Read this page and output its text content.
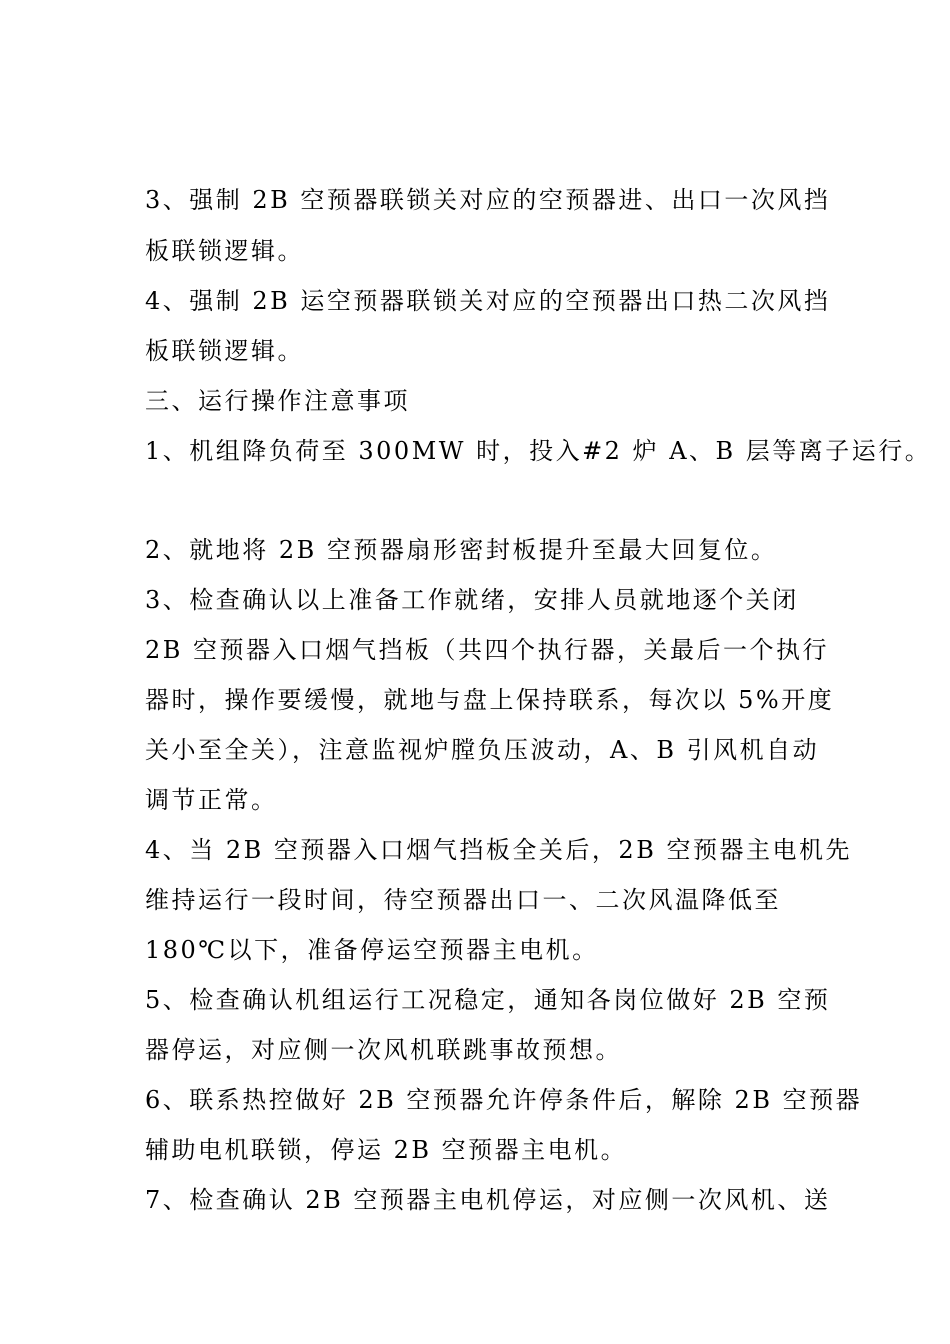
3、强制 2B 空预器联锁关对应的空预器进、出口一次风挡
板联锁逻辑。
4、强制 2B 运空预器联锁关对应的空预器出口热二次风挡
板联锁逻辑。
三、运行操作注意事项
1、机组降负荷至 300MW 时，投入#2 炉 A、B 层等离子运行。
2、就地将 2B 空预器扇形密封板提升至最大回复位。
3、检查确认以上准备工作就绪，安排人员就地逐个关闭
2B 空预器入口烟气挡板（共四个执行器，关最后一个执行
器时，操作要缓慢，就地与盘上保持联系，每次以 5%开度
关小至全关），注意监视炉膛负压波动，A、B 引风机自动
调节正常。
4、当 2B 空预器入口烟气挡板全关后，2B 空预器主电机先
维持运行一段时间，待空预器出口一、二次风温降低至
180℃以下，准备停运空预器主电机。
5、检查确认机组运行工况稳定，通知各岗位做好 2B 空预
器停运，对应侧一次风机联跳事故预想。
6、联系热控做好 2B 空预器允许停条件后，解除 2B 空预器
辅助电机联锁，停运 2B 空预器主电机。
7、检查确认 2B 空预器主电机停运，对应侧一次风机、送
